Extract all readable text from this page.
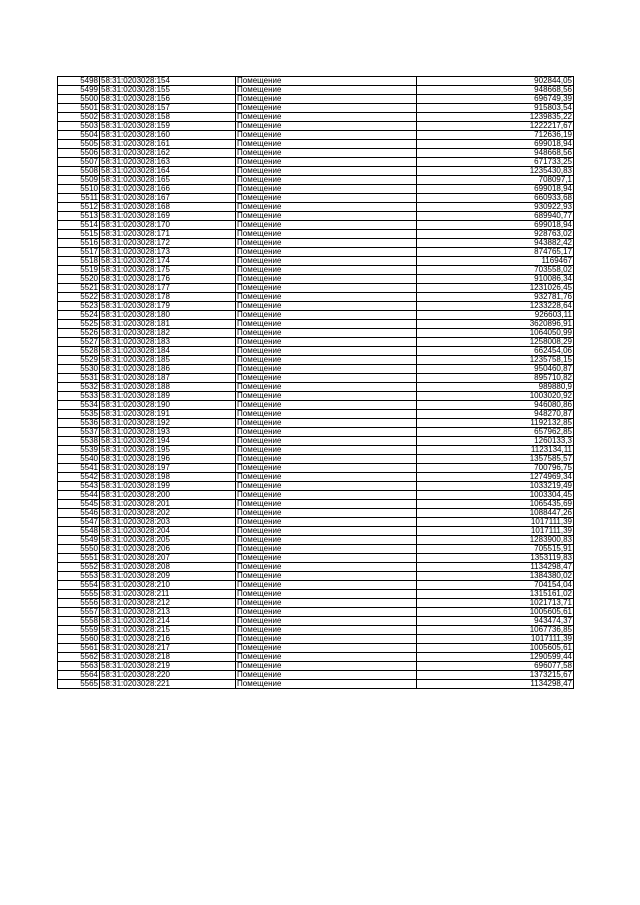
5498	58:31:0203028:154	Помещение	902844,05
5499	58:31:0203028:155	Помещение	948668,56
5500	58:31:0203028:156	Помещение	696749,39
5501	58:31:0203028:157	Помещение	915803,54
5502	58:31:0203028:158	Помещение	1239835,22
5503	58:31:0203028:159	Помещение	1222217,67
5504	58:31:0203028:160	Помещение	712636,19
5505	58:31:0203028:161	Помещение	699018,94
5506	58:31:0203028:162	Помещение	948668,56
5507	58:31:0203028:163	Помещение	671733,25
5508	58:31:0203028:164	Помещение	1235430,83
5509	58:31:0203028:165	Помещение	708097,1
5510	58:31:0203028:166	Помещение	699018,94
5511	58:31:0203028:167	Помещение	660933,68
5512	58:31:0203028:168	Помещение	930922,93
5513	58:31:0203028:169	Помещение	689940,77
5514	58:31:0203028:170	Помещение	699018,94
5515	58:31:0203028:171	Помещение	928763,02
5516	58:31:0203028:172	Помещение	943882,42
5517	58:31:0203028:173	Помещение	874765,17
5518	58:31:0203028:174	Помещение	1169467
5519	58:31:0203028:175	Помещение	703558,02
5520	58:31:0203028:176	Помещение	910086,34
5521	58:31:0203028:177	Помещение	1231026,45
5522	58:31:0203028:178	Помещение	932781,76
5523	58:31:0203028:179	Помещение	1233228,64
5524	58:31:0203028:180	Помещение	926603,11
5525	58:31:0203028:181	Помещение	3620896,91
5526	58:31:0203028:182	Помещение	1064050,99
5527	58:31:0203028:183	Помещение	1258008,29
5528	58:31:0203028:184	Помещение	662454,06
5529	58:31:0203028:185	Помещение	1235758,15
5530	58:31:0203028:186	Помещение	950460,87
5531	58:31:0203028:187	Помещение	895710,82
5532	58:31:0203028:188	Помещение	989880,9
5533	58:31:0203028:189	Помещение	1003020,92
5534	58:31:0203028:190	Помещение	946080,86
5535	58:31:0203028:191	Помещение	948270,87
5536	58:31:0203028:192	Помещение	1192132,85
5537	58:31:0203028:193	Помещение	657962,85
5538	58:31:0203028:194	Помещение	1260133,3
5539	58:31:0203028:195	Помещение	1123134,11
5540	58:31:0203028:196	Помещение	1357585,57
5541	58:31:0203028:197	Помещение	700796,75
5542	58:31:0203028:198	Помещение	1274969,34
5543	58:31:0203028:199	Помещение	1033219,49
5544	58:31:0203028:200	Помещение	1003304,45
5545	58:31:0203028:201	Помещение	1065435,69
5546	58:31:0203028:202	Помещение	1088447,26
5547	58:31:0203028:203	Помещение	1017111,39
5548	58:31:0203028:204	Помещение	1017111,39
5549	58:31:0203028:205	Помещение	1283900,83
5550	58:31:0203028:206	Помещение	705515,91
5551	58:31:0203028:207	Помещение	1353119,83
5552	58:31:0203028:208	Помещение	1134298,47
5553	58:31:0203028:209	Помещение	1384380,02
5554	58:31:0203028:210	Помещение	704154,04
5555	58:31:0203028:211	Помещение	1315161,02
5556	58:31:0203028:212	Помещение	1021713,71
5557	58:31:0203028:213	Помещение	1005605,61
5558	58:31:0203028:214	Помещение	943474,37
5559	58:31:0203028:215	Помещение	1067736,85
5560	58:31:0203028:216	Помещение	1017111,39
5561	58:31:0203028:217	Помещение	1005605,61
5562	58:31:0203028:218	Помещение	1290599,44
5563	58:31:0203028:219	Помещение	696077,58
5564	58:31:0203028:220	Помещение	1373215,67
5565	58:31:0203028:221	Помещение	1134298,47
